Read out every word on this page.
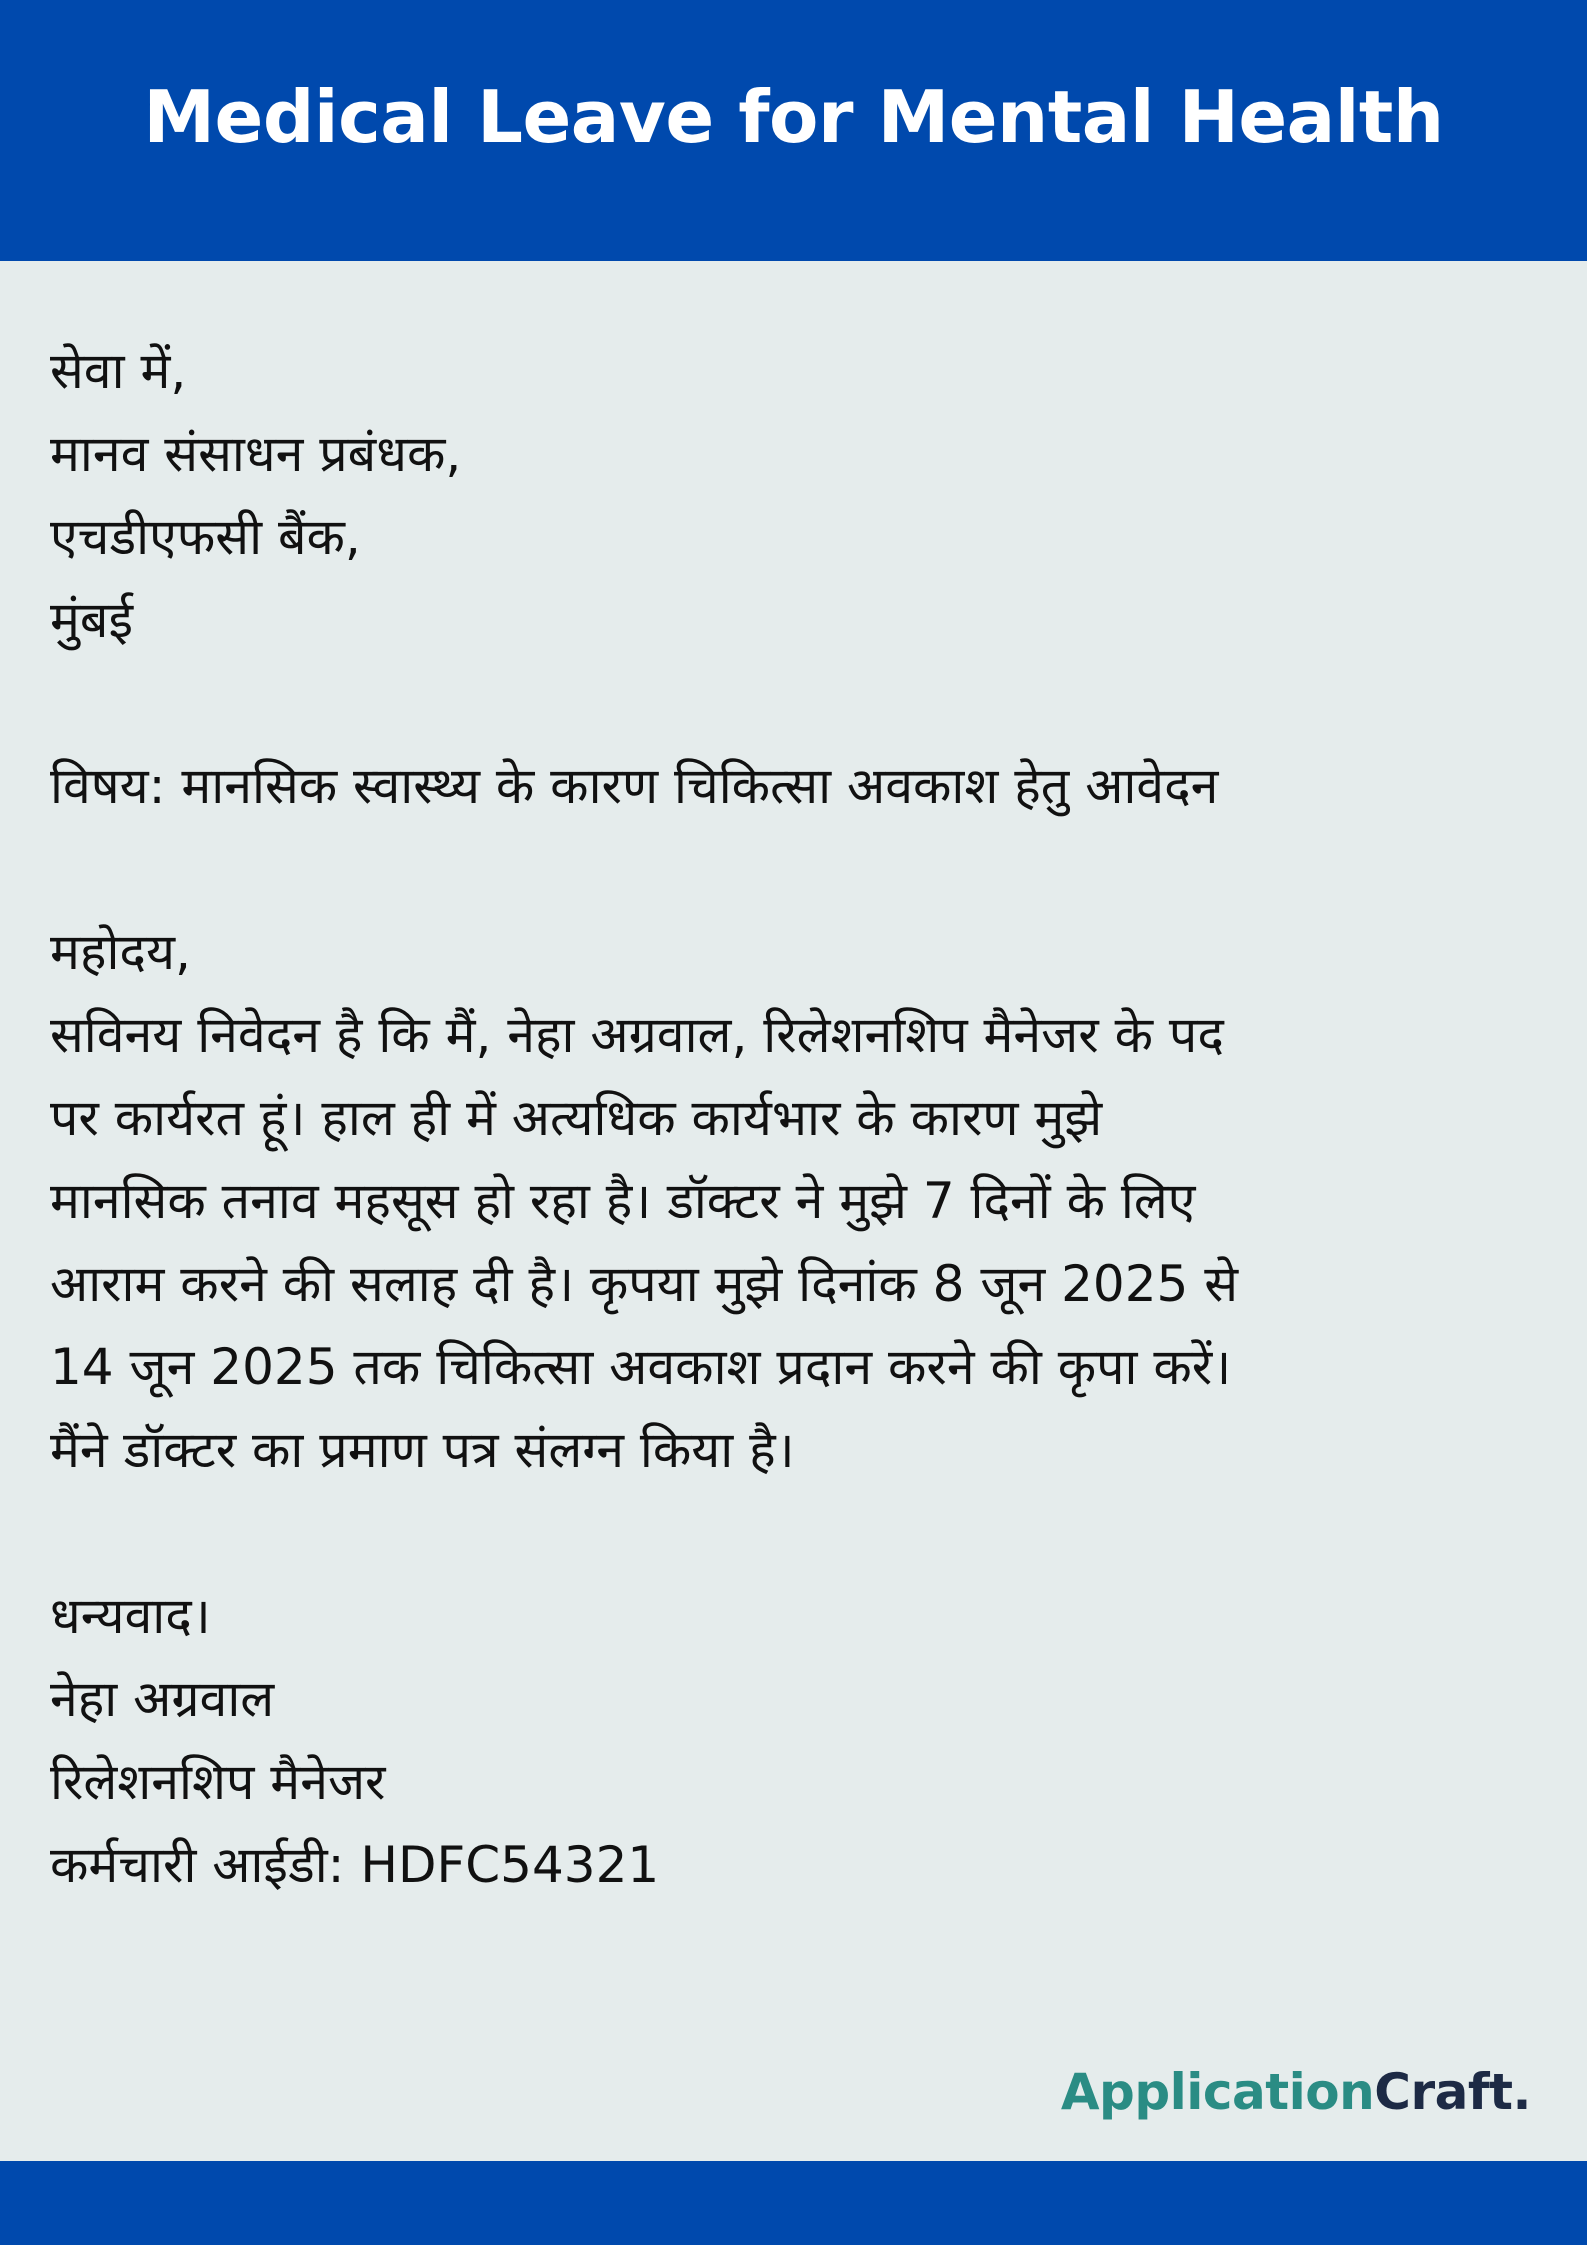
Medical Leave for Mental Health
सेवा में,
मानव संसाधन प्रबंधक,
एचडीएफसी बैंक,
मुंबई
विषय: मानसिक स्वास्थ्य के कारण चिकित्सा अवकाश हेतु आवेदन
महोदय,
सविनय निवेदन है कि मैं, नेहा अग्रवाल, रिलेशनशिप मैनेजर के पद
पर कार्यरत हूं। हाल ही में अत्यधिक कार्यभार के कारण मुझे
मानसिक तनाव महसूस हो रहा है। डॉक्टर ने मुझे 7 दिनों के लिए
आराम करने की सलाह दी है। कृपया मुझे दिनांक 8 जून 2025 से
14 जून 2025 तक चिकित्सा अवकाश प्रदान करने की कृपा करें।
मैंने डॉक्टर का प्रमाण पत्र संलग्न किया है।
धन्यवाद।
नेहा अग्रवाल
रिलेशनशिप मैनेजर
कर्मचारी आईडी: HDFC54321
ApplicationCraft.
